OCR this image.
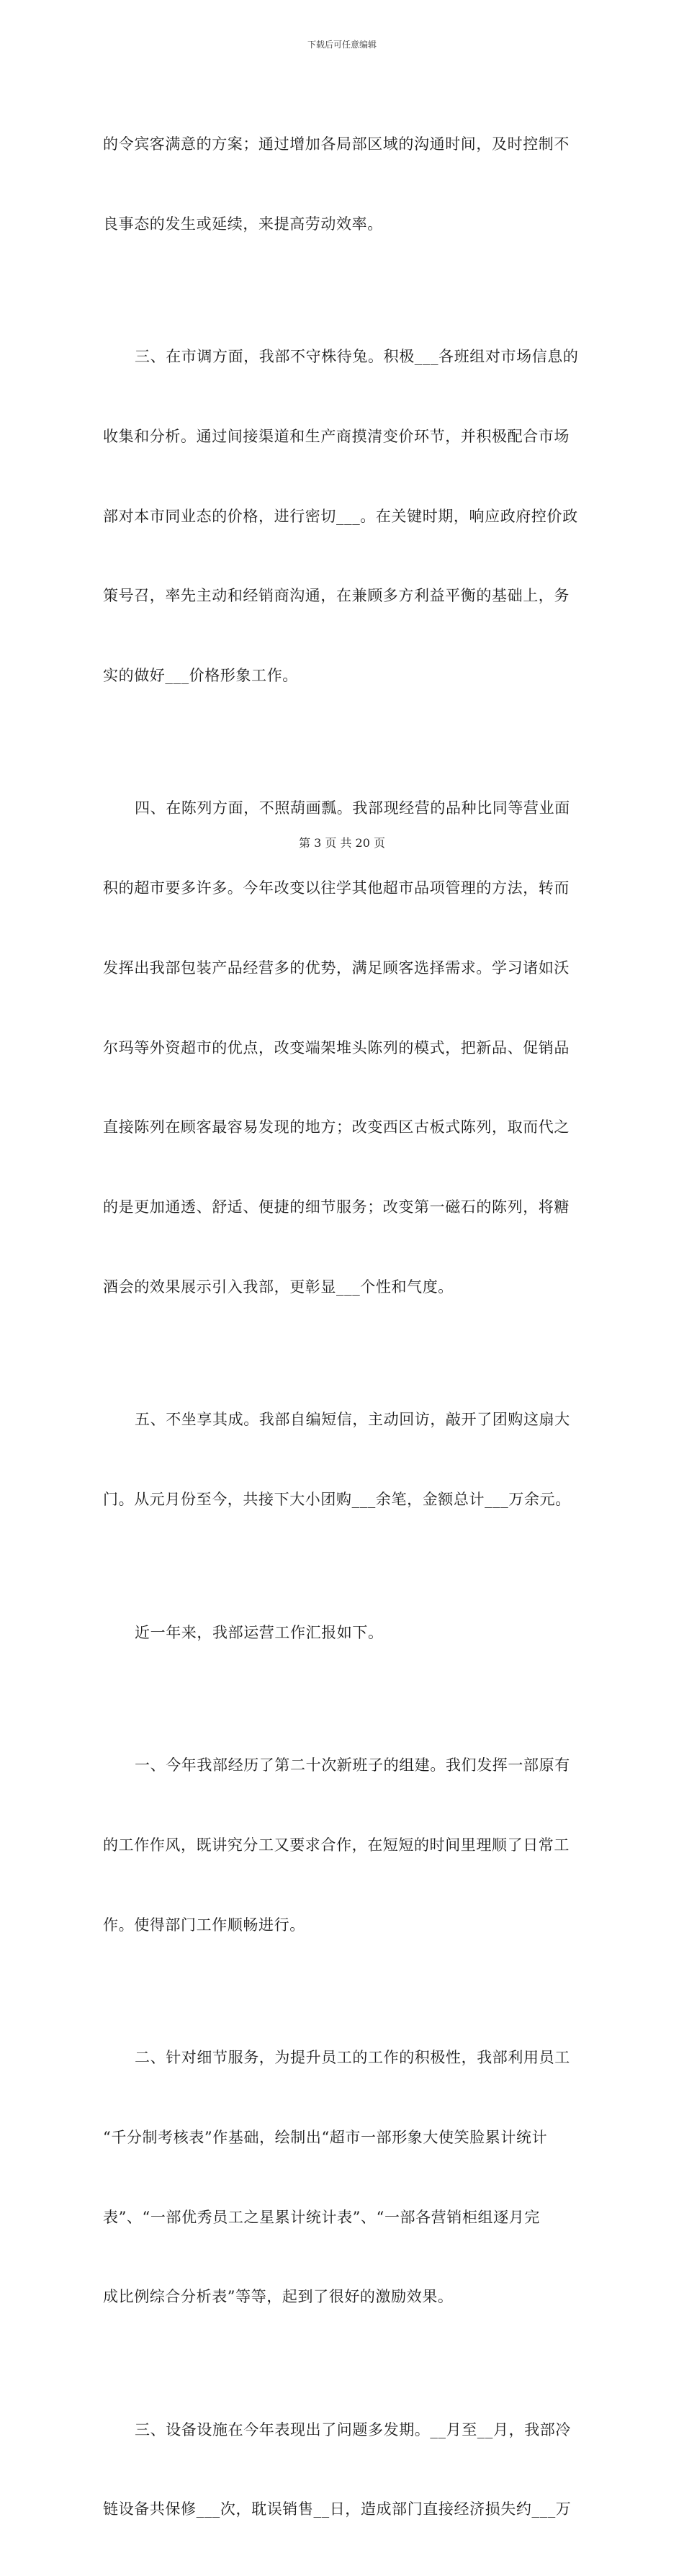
下载后可任意编辑

的令宾客满意的方案；通过增加各局部区域的沟通时间，及时控制不

良事态的发生或延续，来提高劳动效率。

三、在市调方面，我部不守株待兔。积极___各班组对市场信息的

收集和分析。通过间接渠道和生产商摸清变价环节，并积极配合市场

部对本市同业态的价格，进行密切___。在关键时期，响应政府控价政

策号召，率先主动和经销商沟通，在兼顾多方利益平衡的基础上，务

实的做好___价格形象工作。

四、在陈列方面，不照葫画瓢。我部现经营的品种比同等营业面

积的超市要多许多。今年改变以往学其他超市品项管理的方法，转而

发挥出我部包装产品经营多的优势，满足顾客选择需求。学习诸如沃

尔玛等外资超市的优点，改变端架堆头陈列的模式，把新品、促销品

直接陈列在顾客最容易发现的地方；改变西区古板式陈列，取而代之

的是更加通透、舒适、便捷的细节服务；改变第一磁石的陈列，将糖

酒会的效果展示引入我部，更彰显___个性和气度。

五、不坐享其成。我部自编短信，主动回访，敲开了团购这扇大

门。从元月份至今，共接下大小团购___余笔，金额总计___万余元。

近一年来，我部运营工作汇报如下。

一、今年我部经历了第二十次新班子的组建。我们发挥一部原有

的工作作风，既讲究分工又要求合作，在短短的时间里理顺了日常工

作。使得部门工作顺畅进行。

二、针对细节服务，为提升员工的工作的积极性，我部利用员工

“千分制考核表”作基础，绘制出“超市一部形象大使笑脸累计统计

表”、“一部优秀员工之星累计统计表”、“一部各营销柜组逐月完

成比例综合分析表”等等，起到了很好的激励效果。

三、设备设施在今年表现出了问题多发期。__月至__月，我部冷

链设备共保修___次，耽误销售__日，造成部门直接经济损失约___万

第 3 页 共 20 页
